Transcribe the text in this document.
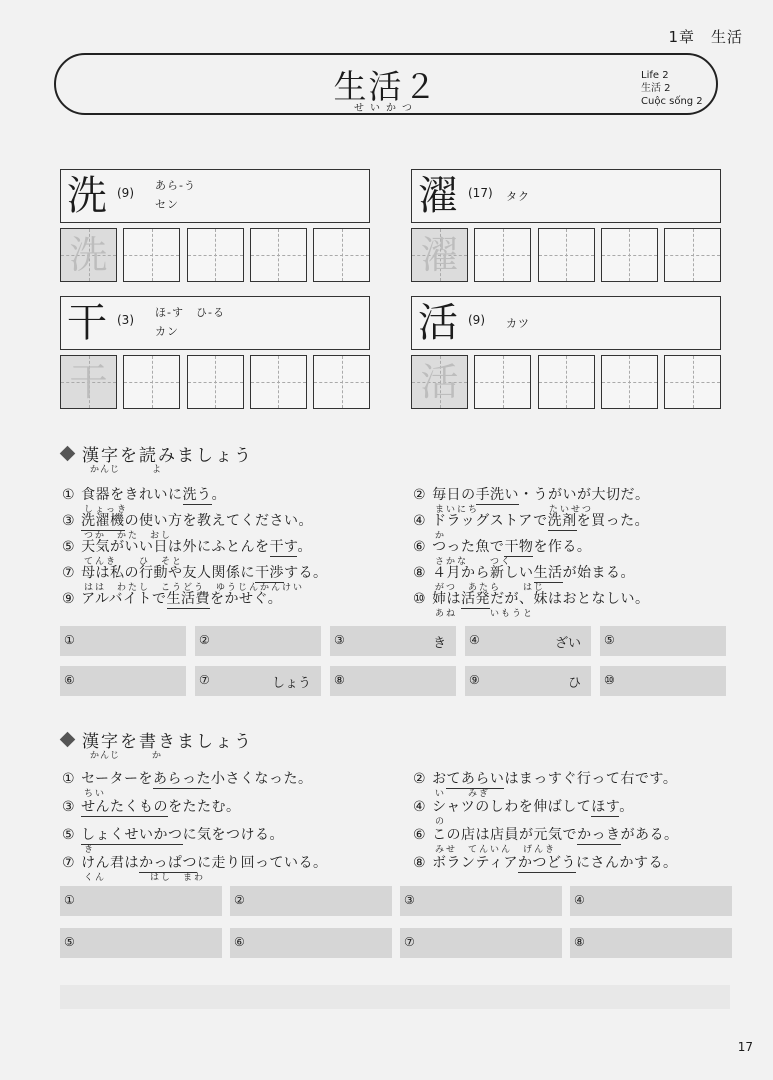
1章　生活
生活２
せいかつ
Life 2
生活 2
Cuộc sống 2
洗 (9)
あら-う
セン
洗
濯 (17) タク
濯
干 (3)
ほ-す　ひ-る
カン
干
活 (9) カツ
活
漢字を読みましょう
かんじ	よ
① 食器をきれいに洗う。
しょっき
② 毎日の手洗い・うがいが大切だ。
まいにち	たいせつ
③ 洗濯機の使い方を教えてください。
つか　かた　おし
④ ドラッグストアで洗剤を買った。
か
⑤ 天気がいい日は外にふとんを干す。
てんき　　ひ　そと
⑥ つった魚で干物を作る。
さかな　　つく
⑦ 母は私の行動や友人関係に干渉する。
はは　わたし　こうどう　ゆうじんかんけい
⑧ ４月から新しい生活が始まる。
がつ　あたら　　はじ
⑨ アルバイトで生活費をかせぐ。	⑩ 姉は活発だが、妹はおとなしい。
あね　　　いもうと
①	②	③	き ④	ざい ⑤
⑥	⑦	しょう ⑧	⑨	ひ ⑩
漢字を書きましょう
かんじ	か
① セーターをあらった小さくなった。
ちい
② おてあらいはまっすぐ行って右です。
い　　みぎ
③ せんたくものをたたむ。	④ シャツのしわを伸ばしてほす。
の
⑤ しょくせいかつに気をつける。
き
⑥ この店は店員が元気でかっきがある。
みせ　てんいん　げんき
⑦ けん君はかっぱつに走り回っている。
くん　　　　はし　まわ
⑧ ボランティアかつどうにさんかする。
①	②	③	④
⑤	⑥	⑦	⑧
17
